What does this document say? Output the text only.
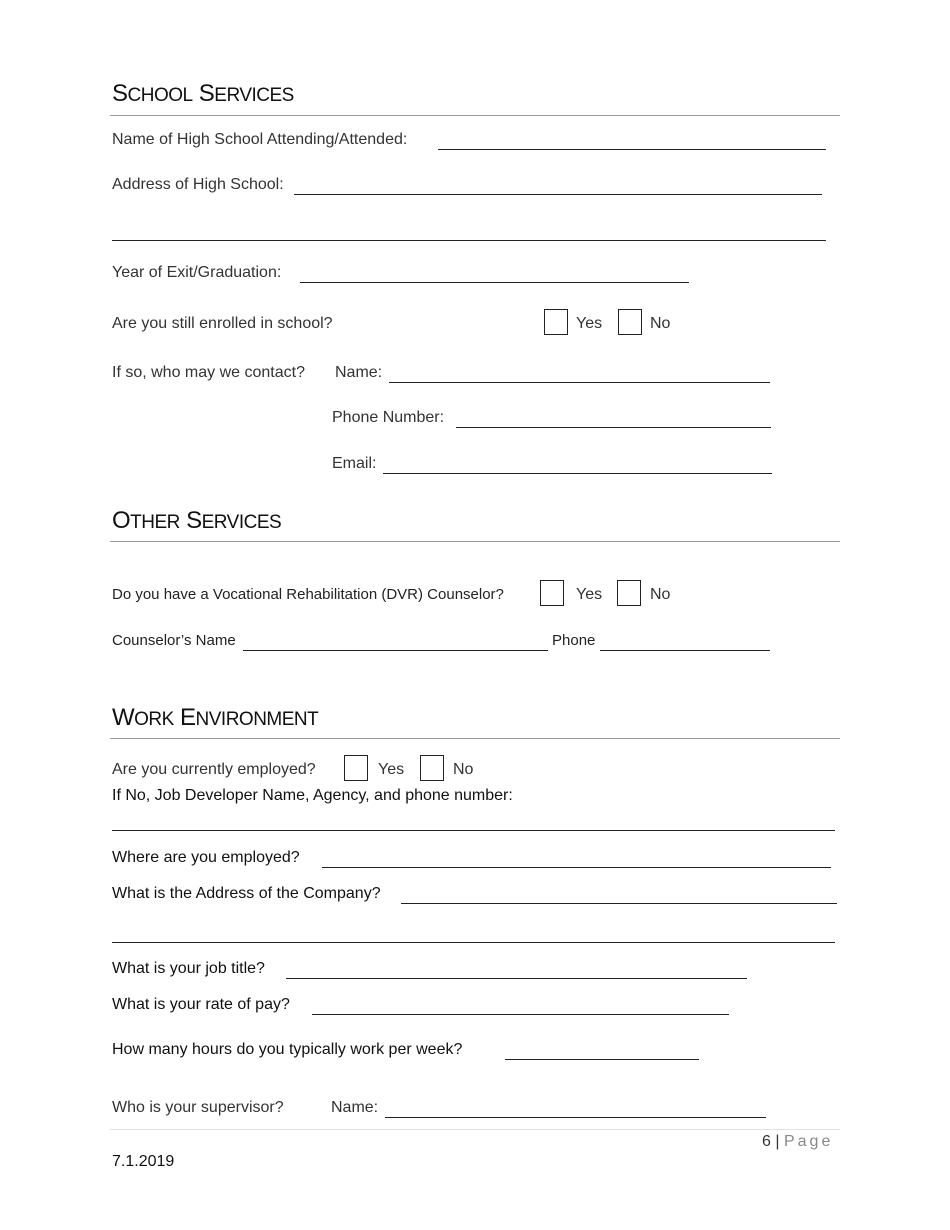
SCHOOL SERVICES
Name of High School Attending/Attended:
Address of High School:
Year of Exit/Graduation:
Are you still enrolled in school?	Yes	No
If so, who may we contact? Name:
Phone Number:
Email:
OTHER SERVICES
Do you have a Vocational Rehabilitation (DVR) Counselor?	Yes	No
Counselor’s Name	Phone
WORK ENVIRONMENT
Are you currently employed?	Yes	No
If No, Job Developer Name, Agency, and phone number:
Where are you employed?
What is the Address of the Company?
What is your job title?
What is your rate of pay?
How many hours do you typically work per week?
Who is your supervisor?	Name:
6 | Page
7.1.2019
